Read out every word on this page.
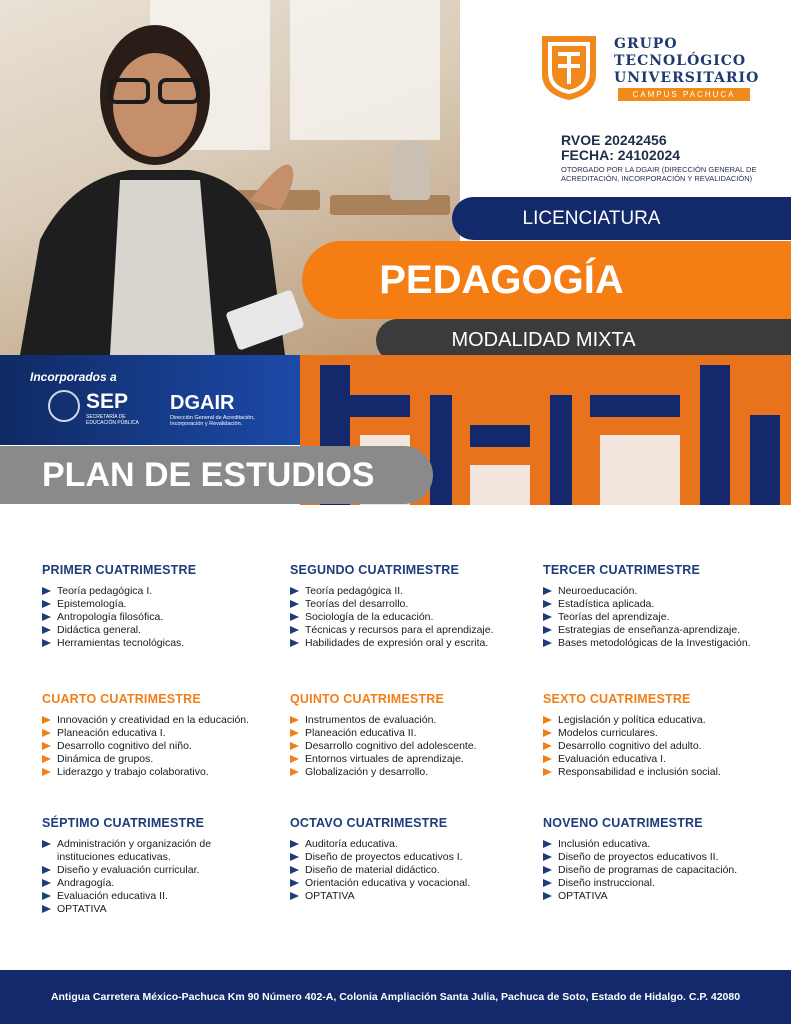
GRUPO
TECNOLÓGICO
UNIVERSITARIO
CAMPUS PACHUCA
RVOE 20242456
FECHA: 24102024
OTORGADO POR LA DGAIR (DIRECCIÓN GENERAL DE ACREDITACIÓN, INCORPORACIÓN Y REVALIDACIÓN)
LICENCIATURA
PEDAGOGÍA
MODALIDAD MIXTA
Incorporados a
SEP
SECRETARÍA DE EDUCACIÓN PÚBLICA
DGAIR
Dirección General de Acreditación, Incorporación y Revalidación.
PLAN DE ESTUDIOS
PRIMER CUATRIMESTRE
Teoría pedagógica I.
Epistemología.
Antropología filosófica.
Didáctica general.
Herramientas tecnológicas.
SEGUNDO CUATRIMESTRE
Teoría pedagógica II.
Teorías del desarrollo.
Sociología de la educación.
Técnicas y recursos para el aprendizaje.
Habilidades de expresión oral y escrita.
TERCER CUATRIMESTRE
Neuroeducación.
Estadística aplicada.
Teorías del aprendizaje.
Estrategias de enseñanza-aprendizaje.
Bases metodológicas de la Investigación.
CUARTO CUATRIMESTRE
Innovación y creatividad en la educación.
Planeación educativa I.
Desarrollo cognitivo del niño.
Dinámica de grupos.
Liderazgo y trabajo colaborativo.
QUINTO CUATRIMESTRE
Instrumentos de evaluación.
Planeación educativa II.
Desarrollo cognitivo del adolescente.
Entornos virtuales de aprendizaje.
Globalización y desarrollo.
SEXTO CUATRIMESTRE
Legislación y política educativa.
Modelos curriculares.
Desarrollo cognitivo del adulto.
Evaluación educativa I.
Responsabilidad e inclusión social.
SÉPTIMO CUATRIMESTRE
Administración y organización de instituciones educativas.
Diseño y evaluación curricular.
Andragogía.
Evaluación educativa II.
OPTATIVA
OCTAVO CUATRIMESTRE
Auditoría educativa.
Diseño de proyectos educativos I.
Diseño de material didáctico.
Orientación educativa y vocacional.
OPTATIVA
NOVENO CUATRIMESTRE
Inclusión educativa.
Diseño de proyectos educativos II.
Diseño de programas de capacitación.
Diseño instruccional.
OPTATIVA
Antigua Carretera México-Pachuca Km 90 Número 402-A, Colonia Ampliación Santa Julia, Pachuca de Soto, Estado de Hidalgo. C.P. 42080
